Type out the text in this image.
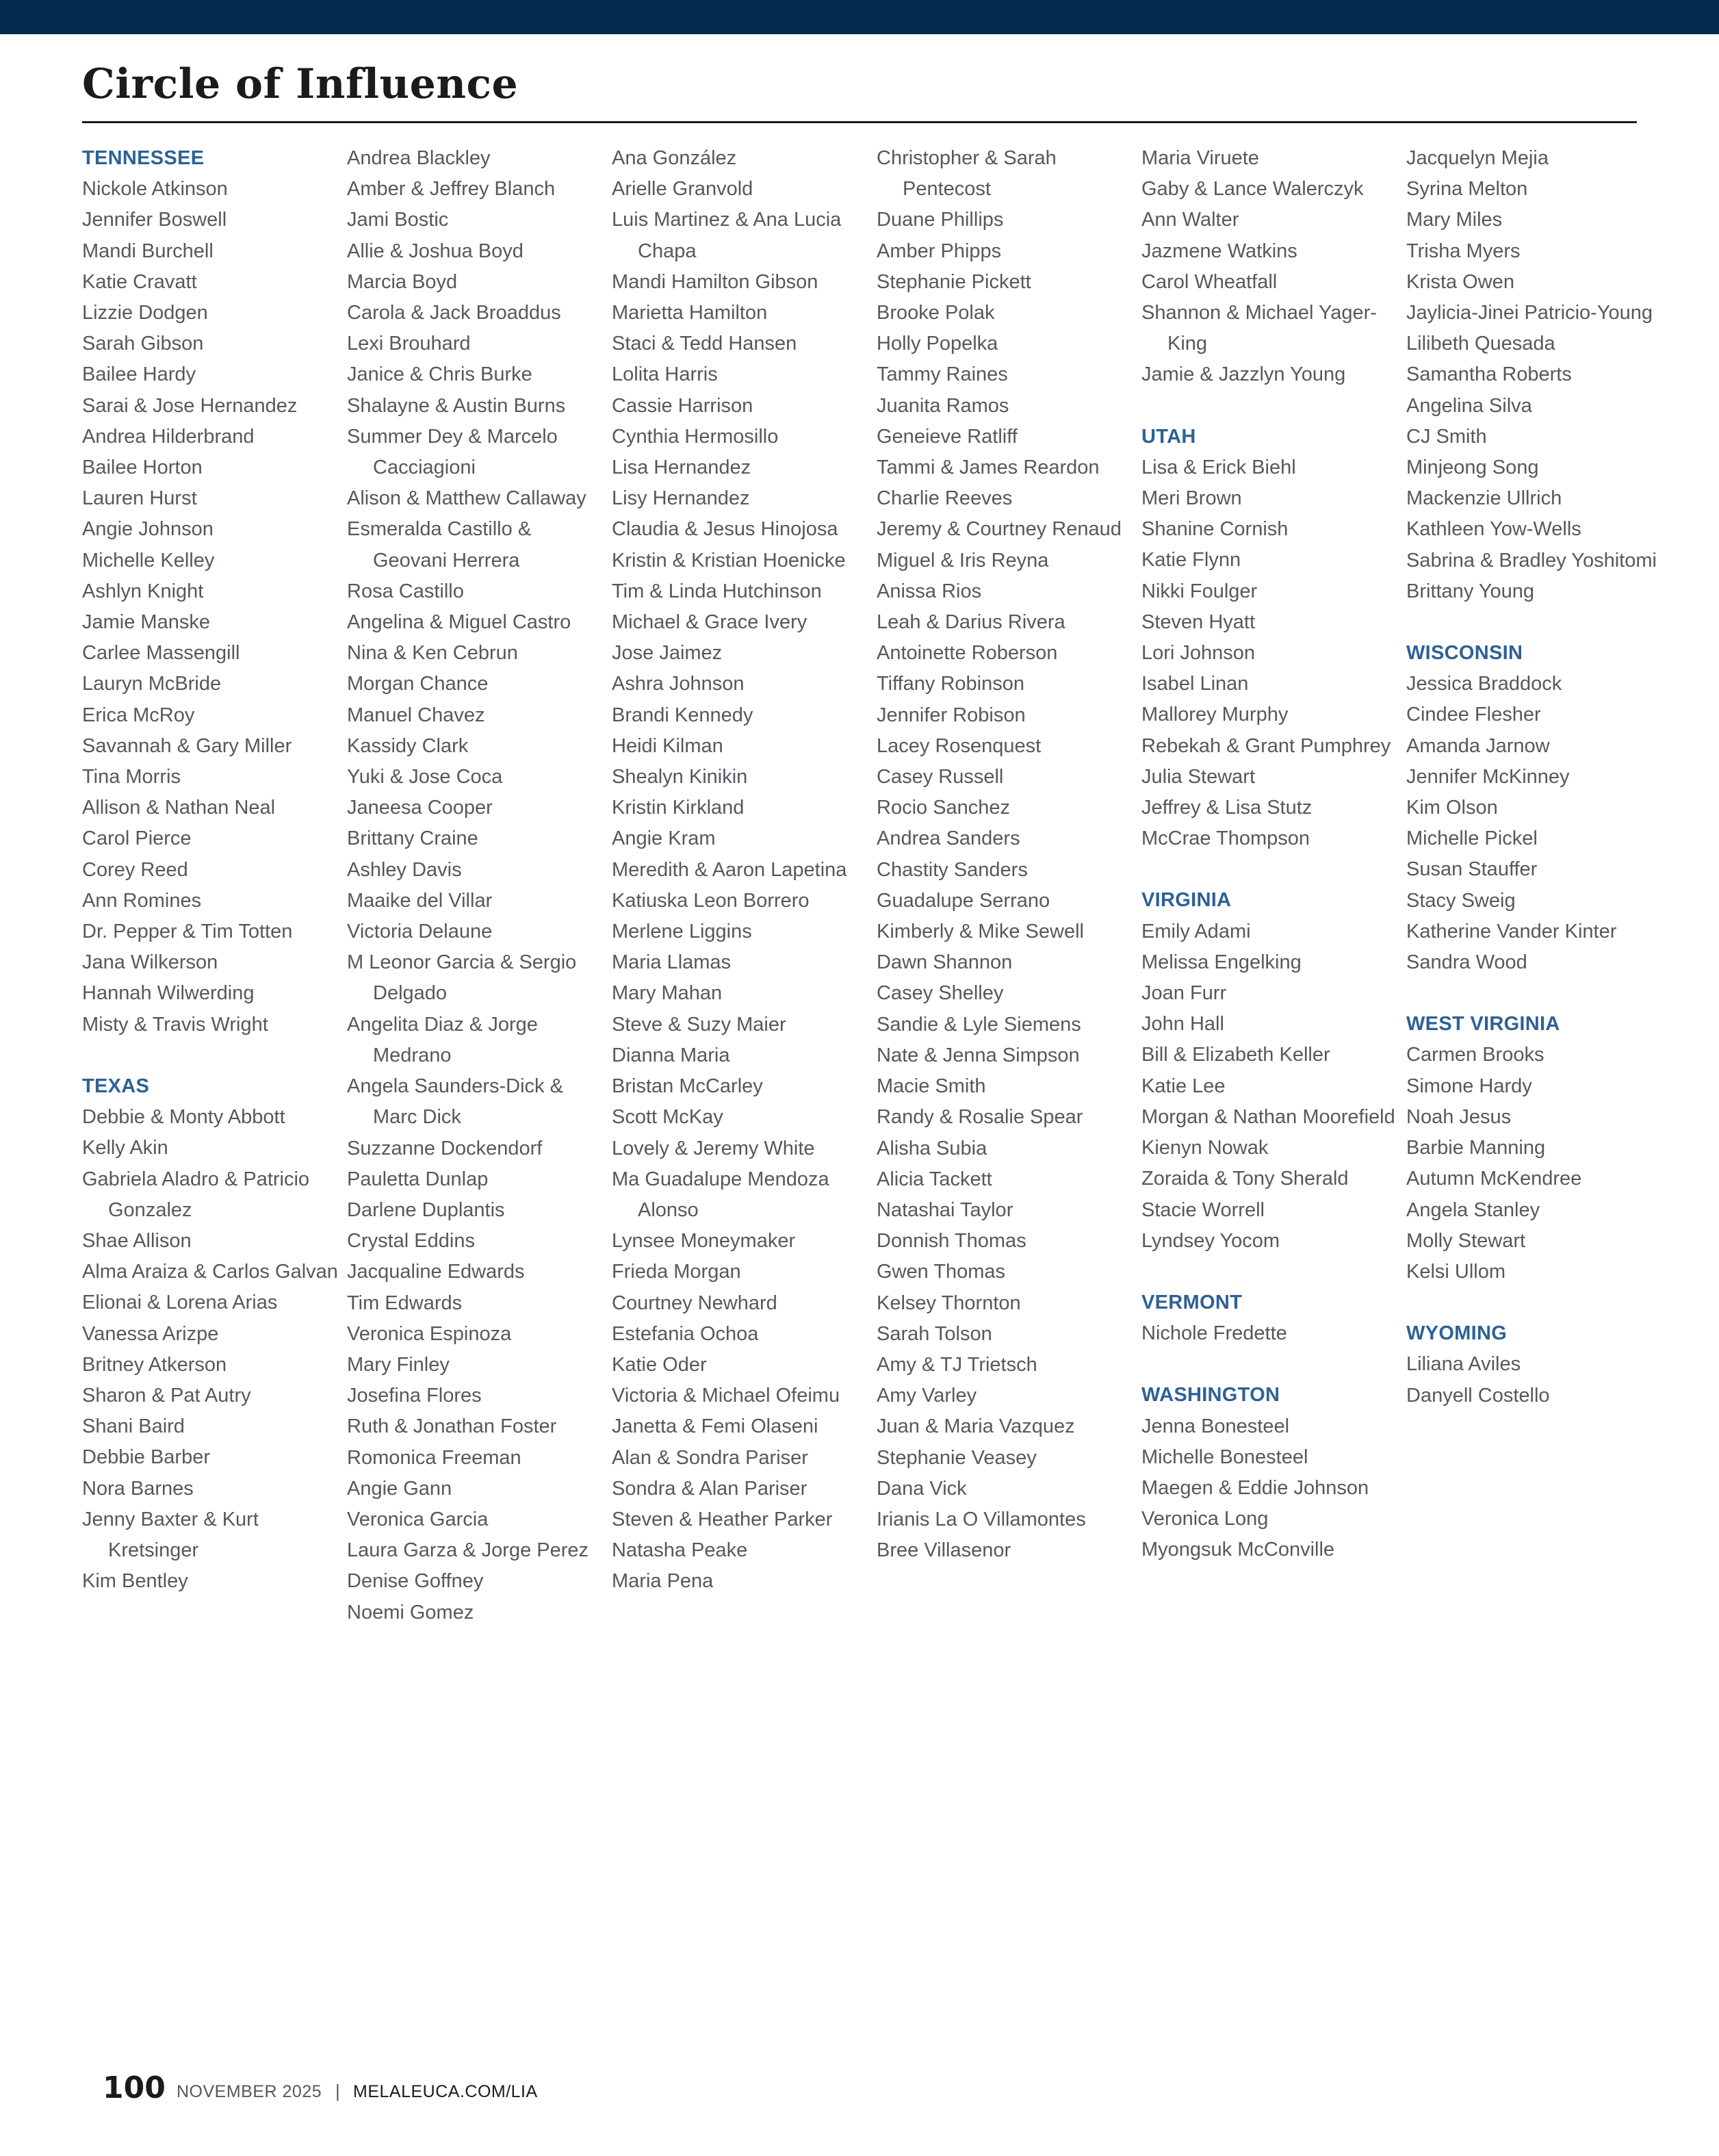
Circle of Influence
TENNESSEE
Nickole Atkinson
Jennifer Boswell
Mandi Burchell
Katie Cravatt
Lizzie Dodgen
Sarah Gibson
Bailee Hardy
Sarai & Jose Hernandez
Andrea Hilderbrand
Bailee Horton
Lauren Hurst
Angie Johnson
Michelle Kelley
Ashlyn Knight
Jamie Manske
Carlee Massengill
Lauryn McBride
Erica McRoy
Savannah & Gary Miller
Tina Morris
Allison & Nathan Neal
Carol Pierce
Corey Reed
Ann Romines
Dr. Pepper & Tim Totten
Jana Wilkerson
Hannah Wilwerding
Misty & Travis Wright
TEXAS
Debbie & Monty Abbott
Kelly Akin
Gabriela Aladro & Patricio Gonzalez
Shae Allison
Alma Araiza & Carlos Galvan
Elionai & Lorena Arias
Vanessa Arizpe
Britney Atkerson
Sharon & Pat Autry
Shani Baird
Debbie Barber
Nora Barnes
Jenny Baxter & Kurt Kretsinger
Kim Bentley
Andrea Blackley
Amber & Jeffrey Blanch
Jami Bostic
Allie & Joshua Boyd
Marcia Boyd
Carola & Jack Broaddus
Lexi Brouhard
Janice & Chris Burke
Shalayne & Austin Burns
Summer Dey & Marcelo Cacciagioni
Alison & Matthew Callaway
Esmeralda Castillo & Geovani Herrera
Rosa Castillo
Angelina & Miguel Castro
Nina & Ken Cebrun
Morgan Chance
Manuel Chavez
Kassidy Clark
Yuki & Jose Coca
Janeesa Cooper
Brittany Craine
Ashley Davis
Maaike del Villar
Victoria Delaune
M Leonor Garcia & Sergio Delgado
Angelita Diaz & Jorge Medrano
Angela Saunders-Dick & Marc Dick
Suzzanne Dockendorf
Pauletta Dunlap
Darlene Duplantis
Crystal Eddins
Jacqualine Edwards
Tim Edwards
Veronica Espinoza
Mary Finley
Josefina Flores
Ruth & Jonathan Foster
Romonica Freeman
Angie Gann
Veronica Garcia
Laura Garza & Jorge Perez
Denise Goffney
Noemi Gomez
Ana González
Arielle Granvold
Luis Martinez & Ana Lucia Chapa
Mandi Hamilton Gibson
Marietta Hamilton
Staci & Tedd Hansen
Lolita Harris
Cassie Harrison
Cynthia Hermosillo
Lisa Hernandez
Lisy Hernandez
Claudia & Jesus Hinojosa
Kristin & Kristian Hoenicke
Tim & Linda Hutchinson
Michael & Grace Ivery
Jose Jaimez
Ashra Johnson
Brandi Kennedy
Heidi Kilman
Shealyn Kinikin
Kristin Kirkland
Angie Kram
Meredith & Aaron Lapetina
Katiuska Leon Borrero
Merlene Liggins
Maria Llamas
Mary Mahan
Steve & Suzy Maier
Dianna Maria
Bristan McCarley
Scott McKay
Lovely & Jeremy White
Ma Guadalupe Mendoza Alonso
Lynsee Moneymaker
Frieda Morgan
Courtney Newhard
Estefania Ochoa
Katie Oder
Victoria & Michael Ofeimu
Janetta & Femi Olaseni
Alan & Sondra Pariser
Sondra & Alan Pariser
Steven & Heather Parker
Natasha Peake
Maria Pena
Christopher & Sarah Pentecost
Duane Phillips
Amber Phipps
Stephanie Pickett
Brooke Polak
Holly Popelka
Tammy Raines
Juanita Ramos
Geneieve Ratliff
Tammi & James Reardon
Charlie Reeves
Jeremy & Courtney Renaud
Miguel & Iris Reyna
Anissa Rios
Leah & Darius Rivera
Antoinette Roberson
Tiffany Robinson
Jennifer Robison
Lacey Rosenquest
Casey Russell
Rocio Sanchez
Andrea Sanders
Chastity Sanders
Guadalupe Serrano
Kimberly & Mike Sewell
Dawn Shannon
Casey Shelley
Sandie & Lyle Siemens
Nate & Jenna Simpson
Macie Smith
Randy & Rosalie Spear
Alisha Subia
Alicia Tackett
Natashai Taylor
Donnish Thomas
Gwen Thomas
Kelsey Thornton
Sarah Tolson
Amy & TJ Trietsch
Amy Varley
Juan & Maria Vazquez
Stephanie Veasey
Dana Vick
Irianis La O Villamontes
Bree Villasenor
Maria Viruete
Gaby & Lance Walerczyk
Ann Walter
Jazmene Watkins
Carol Wheatfall
Shannon & Michael Yager-King
Jamie & Jazzlyn Young
UTAH
Lisa & Erick Biehl
Meri Brown
Shanine Cornish
Katie Flynn
Nikki Foulger
Steven Hyatt
Lori Johnson
Isabel Linan
Mallorey Murphy
Rebekah & Grant Pumphrey
Julia Stewart
Jeffrey & Lisa Stutz
McCrae Thompson
VIRGINIA
Emily Adami
Melissa Engelking
Joan Furr
John Hall
Bill & Elizabeth Keller
Katie Lee
Morgan & Nathan Moorefield
Kienyn Nowak
Zoraida & Tony Sherald
Stacie Worrell
Lyndsey Yocom
VERMONT
Nichole Fredette
WASHINGTON
Jenna Bonesteel
Michelle Bonesteel
Maegen & Eddie Johnson
Veronica Long
Myongsuk McConville
Jacquelyn Mejia
Syrina Melton
Mary Miles
Trisha Myers
Krista Owen
Jaylicia-Jinei Patricio-Young
Lilibeth Quesada
Samantha Roberts
Angelina Silva
CJ Smith
Minjeong Song
Mackenzie Ullrich
Kathleen Yow-Wells
Sabrina & Bradley Yoshitomi
Brittany Young
WISCONSIN
Jessica Braddock
Cindee Flesher
Amanda Jarnow
Jennifer McKinney
Kim Olson
Michelle Pickel
Susan Stauffer
Stacy Sweig
Katherine Vander Kinter
Sandra Wood
WEST VIRGINIA
Carmen Brooks
Simone Hardy
Noah Jesus
Barbie Manning
Autumn McKendree
Angela Stanley
Molly Stewart
Kelsi Ullom
WYOMING
Liliana Aviles
Danyell Costello
100 NOVEMBER 2025 | MELALEUCA.COM/LIA
